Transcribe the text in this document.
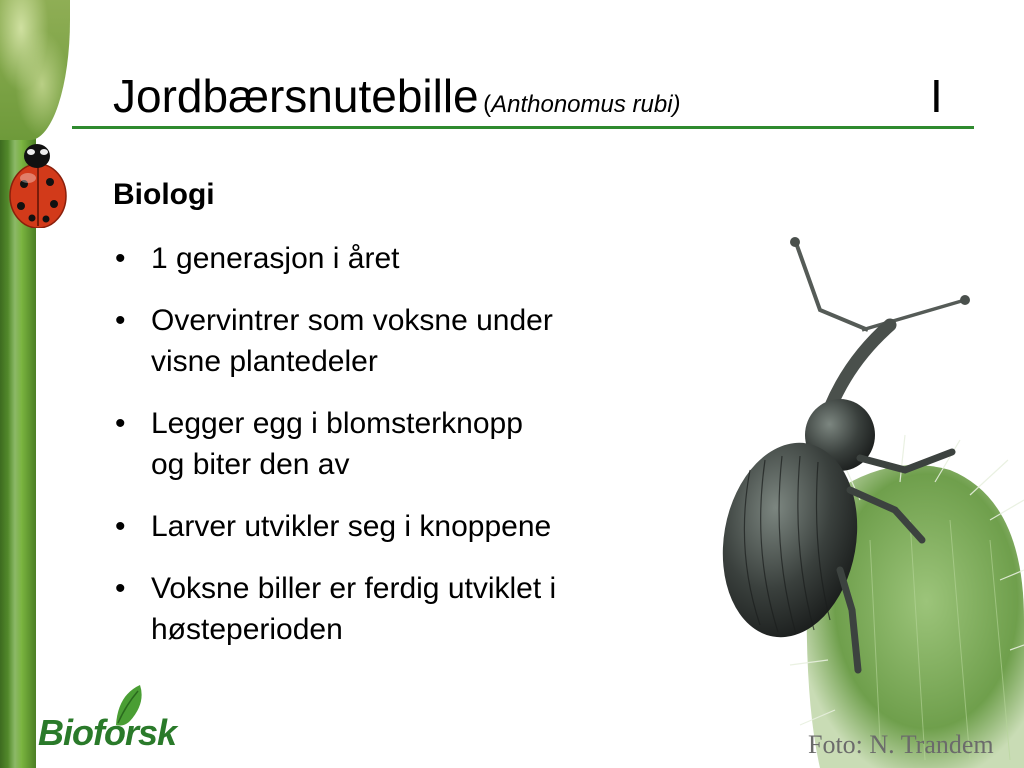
Jordbærsnutebille (Anthonomus rubi)	I
Biologi
• 1 generasjon i året
• Overvintrer som voksne under
visne plantedeler
• Legger egg i blomsterknopp
og biter den av
• Larver utvikler seg i knoppene
• Voksne biller er ferdig utviklet i
høsteperioden
Foto: N. Trandem
Bioforsk
